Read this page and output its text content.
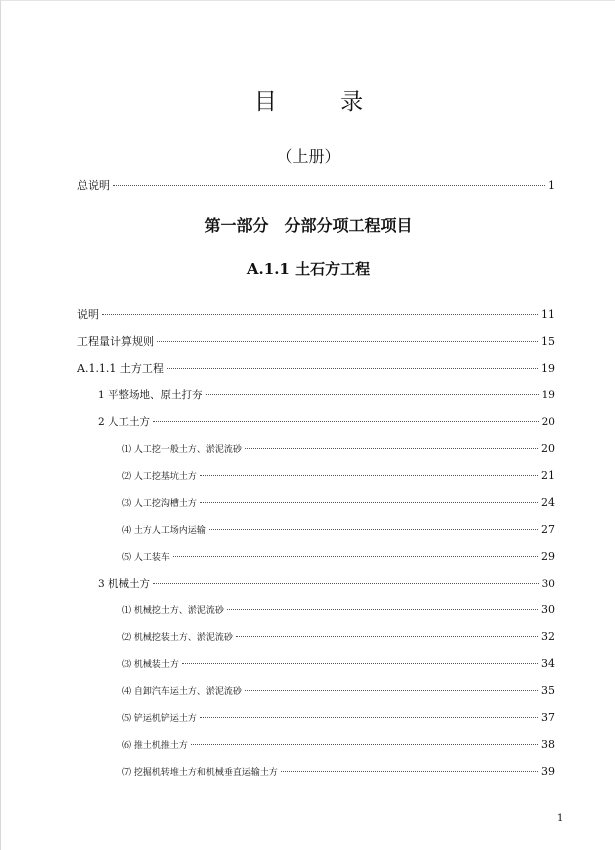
目 录
（上册）
总说明	1
第一部分　分部分项工程项目
A.1.1 土石方工程
说明	11
工程量计算规则	15
A.1.1.1 土方工程	19
1 平整场地、原土打夯	19
2 人工土方	20
⑴ 人工挖一般土方、淤泥流砂	20
⑵ 人工挖基坑土方	21
⑶ 人工挖沟槽土方	24
⑷ 土方人工场内运输	27
⑸ 人工装车	29
3 机械土方	30
⑴ 机械挖土方、淤泥流砂	30
⑵ 机械挖装土方、淤泥流砂	32
⑶ 机械装土方	34
⑷ 自卸汽车运土方、淤泥流砂	35
⑸ 铲运机铲运土方	37
⑹ 推土机推土方	38
⑺ 挖掘机转堆土方和机械垂直运输土方	39
1
